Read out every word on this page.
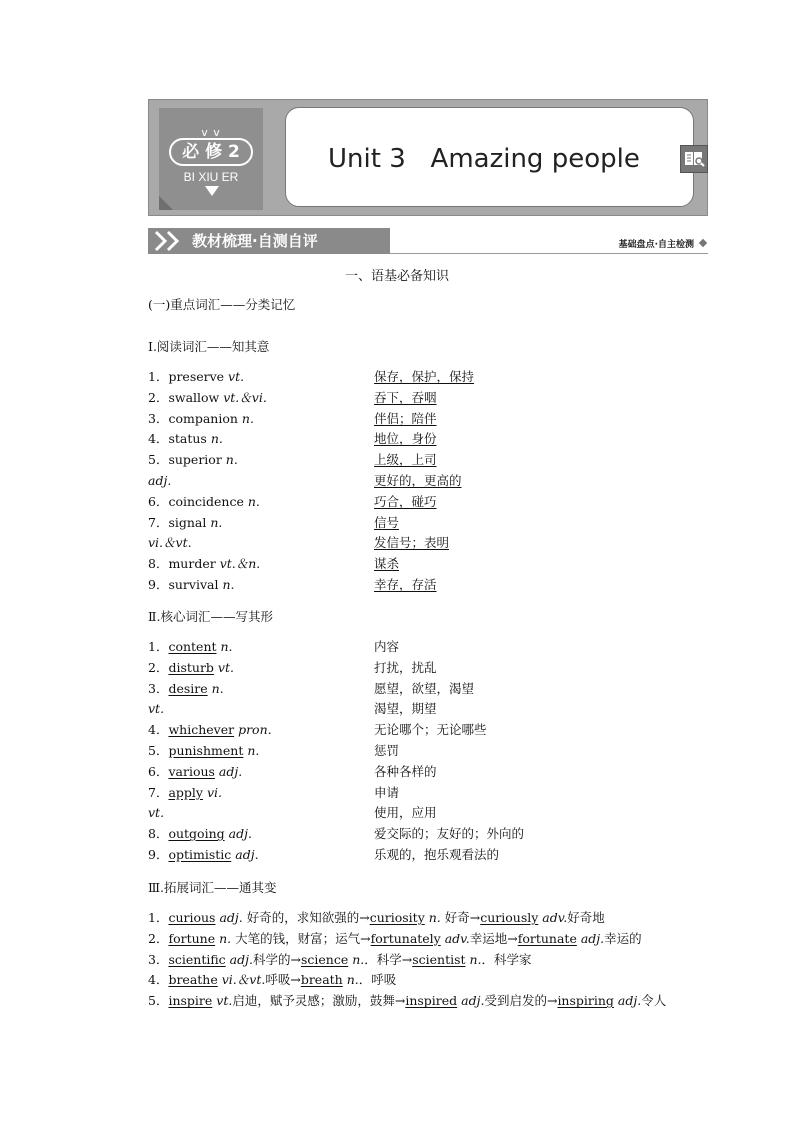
v v
必 修 2
BI XIU ER
Unit 3   Amazing people
教材梳理·自测自评	基础盘点·自主检测
一、语基必备知识
(一)重点词汇——分类记忆
Ⅰ.阅读词汇——知其意
1．preserve vt.	保存，保护，保持
2．swallow vt.＆vi.	吞下，吞咽
3．companion n.	伴侣；陪伴
4．status n.	地位，身份
5．superior n.	上级，上司
adj.	更好的，更高的
6．coincidence n.	巧合，碰巧
7．signal n.	信号
vi.＆vt.	发信号；表明
8．murder vt.＆n.	谋杀
9．survival n.	幸存，存活
Ⅱ.核心词汇——写其形
1．content n.	内容
2．disturb vt.	打扰，扰乱
3．desire n.	愿望，欲望，渴望
vt.	渴望，期望
4．whichever pron.	无论哪个；无论哪些
5．punishment n.	惩罚
6．various adj.	各种各样的
7．apply vi.	申请
vt.	使用，应用
8．outgoing adj.	爱交际的；友好的；外向的
9．optimistic adj.	乐观的，抱乐观看法的
Ⅲ.拓展词汇——通其变
1．curious adj. 好奇的，求知欲强的→curiosity n. 好奇→curiously adv.好奇地
2．fortune n. 大笔的钱，财富；运气→fortunately adv.幸运地→fortunate adj.幸运的
3．scientific adj.科学的→science n.．科学→scientist n.．科学家
4．breathe vi.＆vt.呼吸→breath n.．呼吸
5．inspire vt.启迪，赋予灵感；激励，鼓舞→inspired adj.受到启发的→inspiring adj.令人
